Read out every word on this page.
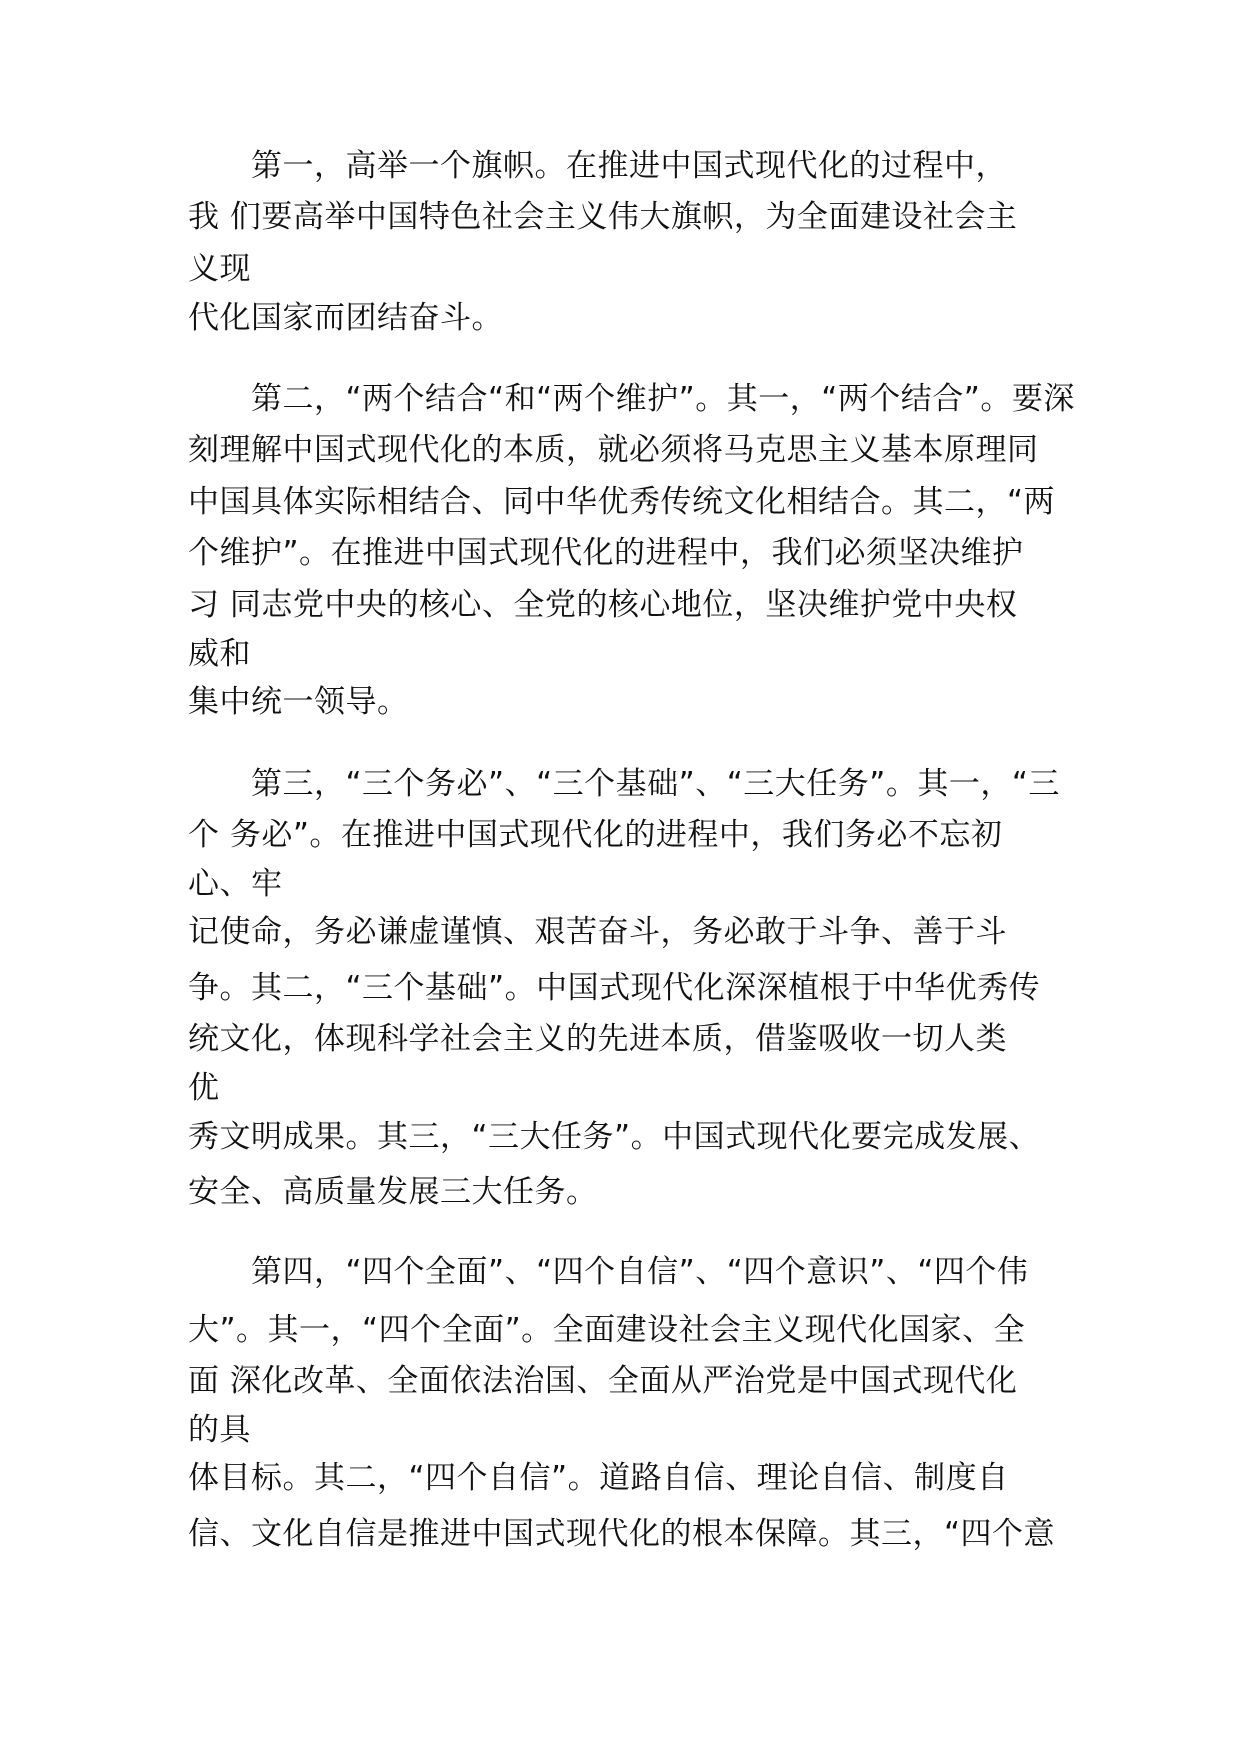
第一，高举一个旗帜。在推进中国式现代化的过程中，
我 们要高举中国特色社会主义伟大旗帜，为全面建设社会主
义现
代化国家而团结奋斗。
第二，“两个结合“和“两个维护”。其一，“两个结合”。要深
刻理解中国式现代化的本质，就必须将马克思主义基本原理同
中国具体实际相结合、同中华优秀传统文化相结合。其二，“两
个维护”。在推进中国式现代化的进程中，我们必须坚决维护
习 同志党中央的核心、全党的核心地位，坚决维护党中央权
威和
集中统一领导。
第三，“三个务必”、“三个基础”、“三大任务”。其一，“三
个 务必”。在推进中国式现代化的进程中，我们务必不忘初
心、牢
记使命，务必谦虚谨慎、艰苦奋斗，务必敢于斗争、善于斗
争。其二，“三个基础”。中国式现代化深深植根于中华优秀传
统文化，体现科学社会主义的先进本质，借鉴吸收一切人类
优
秀文明成果。其三，“三大任务”。中国式现代化要完成发展、
安全、高质量发展三大任务。
第四，“四个全面”、“四个自信”、“四个意识”、“四个伟
大”。其一，“四个全面”。全面建设社会主义现代化国家、全
面 深化改革、全面依法治国、全面从严治党是中国式现代化
的具
体目标。其二，“四个自信”。道路自信、理论自信、制度自
信、文化自信是推进中国式现代化的根本保障。其三，“四个意
